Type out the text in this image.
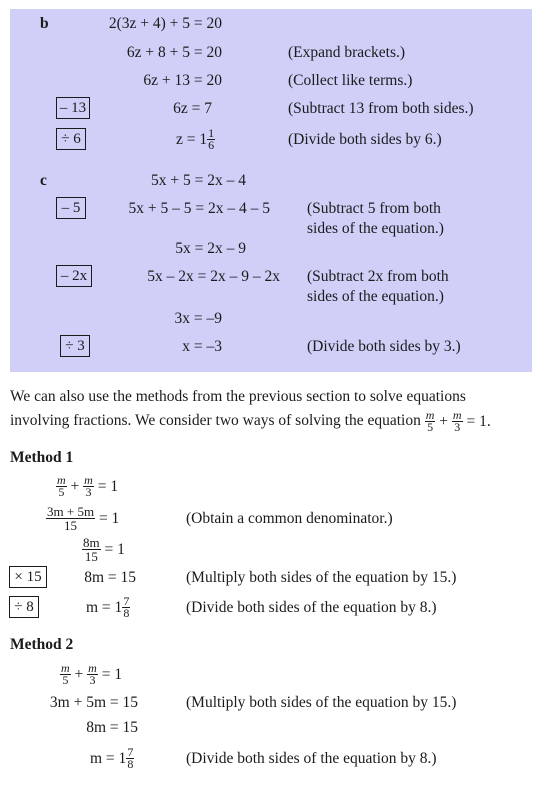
b	2(3z + 4) + 5 = 20
6z + 8 + 5 = 20	(Expand brackets.)
6z + 13 = 20	(Collect like terms.)
– 13	6z = 7	(Subtract 13 from both sides.)
÷ 6	$z = 1 \frac{1}{6}$	(Divide both sides by 6.)
c	5x + 5 = 2x – 4
– 5	5x + 5 – 5 = 2x – 4 – 5 (Subtract 5 from both
sides of the equation.)
5x = 2x – 9
– 2x	5x – 2x = 2x – 9 – 2x (Subtract 2x from both
sides of the equation.)
3x = –9
÷ 3	x = –3	(Divide both sides by 3.)
We can also use the methods from the previous section to solve equations
involving fractions. We consider two ways of solving the equation $\frac{m}{5} + \frac{m}{3} = 1$.
Method 1
$\frac{m}{5} + \frac{m}{3} = 1$
$\frac{3m + 5m}{15} = 1$	(Obtain a common denominator.)
$\frac{8m}{15} = 1$
× 15	8m = 15	(Multiply both sides of the equation by 15.)
÷ 8	$m = 1 \frac{7}{8}$	(Divide both sides of the equation by 8.)
Method 2
$\frac{m}{5} + \frac{m}{3} = 1$
3m + 5m = 15	(Multiply both sides of the equation by 15.)
8m = 15
$m = 1 \frac{7}{8}$	(Divide both sides of the equation by 8.)
